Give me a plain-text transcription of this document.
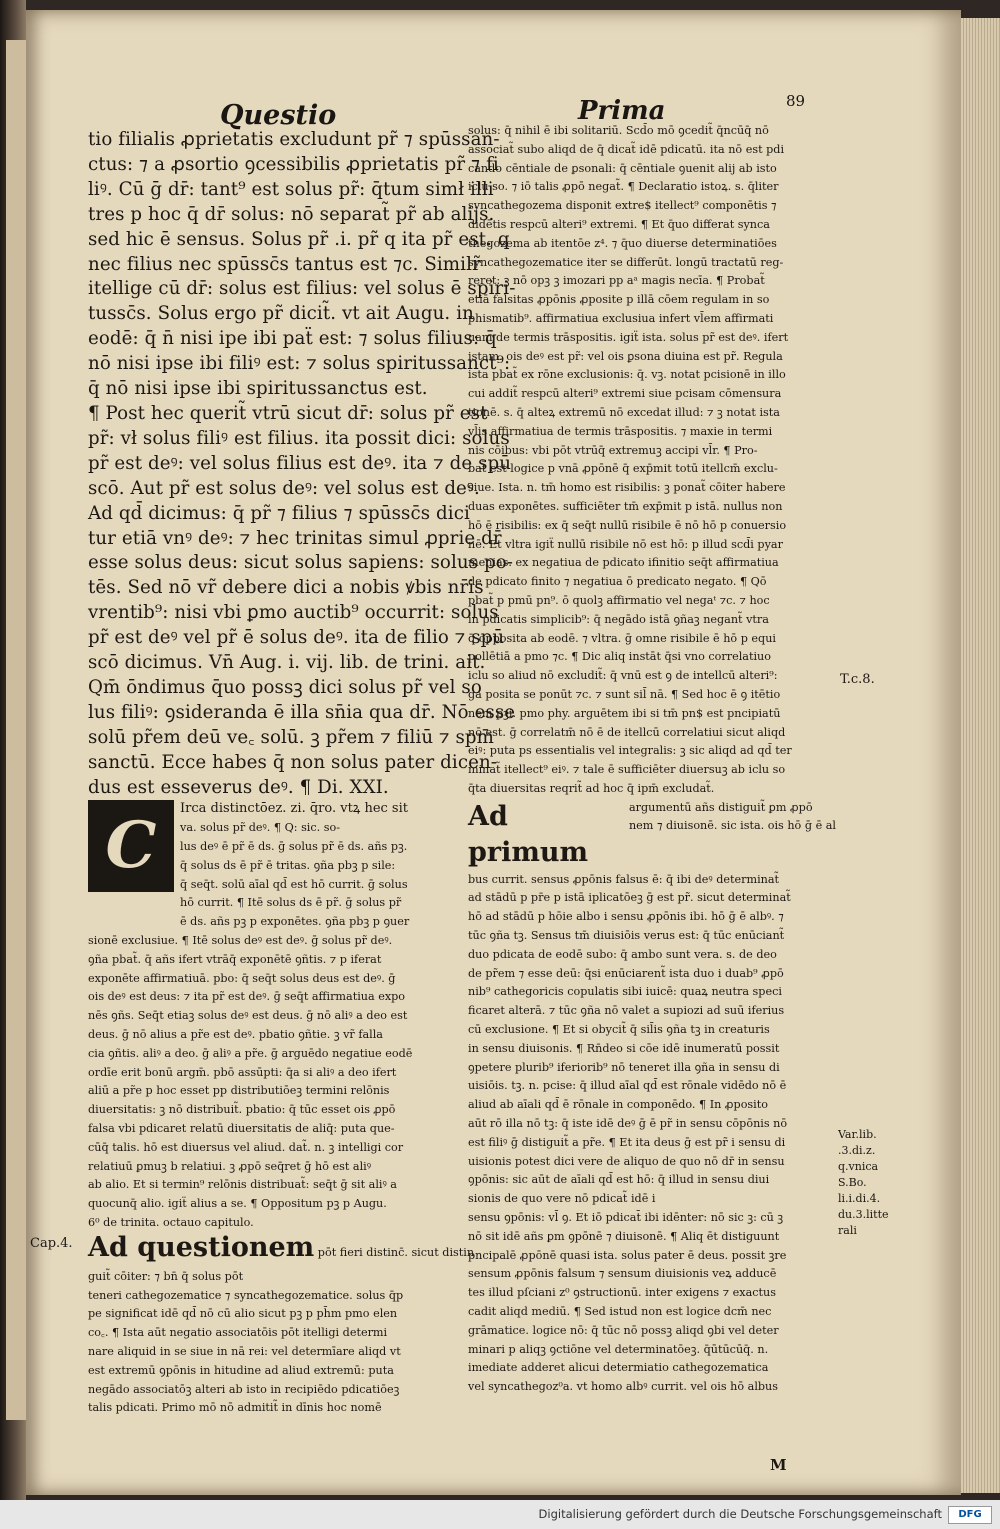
Questio	Prima	89

tio filialis ꝓprietatis excludunt pr̃ ⁊ spūssan-

ctus: ⁊ a ꝓsortio ꝯcessibilis ꝓprietatis pr̃ ⁊ fi

liꝰ. Cū ḡ dr̄: tant⁹ est solus pr̃: q̄tum simł illi

tres p hoc q̄ dr̄ solus: nō separat̃ pr̃ ab alijs.

sed hic ē sensus. Solus pr̃ .i. pr̃ q ita pr̃ est. q

nec filius nec spūssc̄s tantus est ⁊c. Similr̃

itellige cū dr̄: solus est filius: vel solus ē spiri-

tussc̄s. Solus ergo pr̃ dicit̃. vt ait Augu. in

eodē: q̄ n̄ nisi ipe ibi paẗ est: ⁊ solus filius: q̄

nō nisi ipse ibi filiꝰ est: ⁊ solus spiritussanct⁹:

q̄ nō nisi ipse ibi spiritussanctus est.

¶ Post hec querit̃ vtrū sicut dr̄: solus pr̃ est

pr̃: vł solus filiꝰ est filius. ita possit dici: solus

pr̃ est deꝰ: vel solus filius est deꝰ. ita ⁊ de spū

scō. Aut pr̃ est solus deꝰ: vel solus est deꝰ.

Ad qd̄ dicimus: q̄ pr̃ ⁊ filius ⁊ spūssc̄s dici

tur etiā vnꝰ deꝰ: ⁊ hec trinitas simul ꝓprie dr̄

esse solus deus: sicut solus sapiens: solus po-

tēs. Sed nō vr̃ debere dici a nobis ꝟbis nr̄is

vrentib⁹: nisi vbi ꝑmo auctib⁹ occurrit: solus

pr̃ est deꝰ vel pr̃ ē solus deꝰ. ita de filio ⁊ spū

scō dicimus. Vn̄ Aug. i. vij. lib. de trini. ait.

Qm̄ ōndimus q̄uo possꝫ dici solus pr̃ vel so

lus filiꝰ: ꝯsideranda ē illa sn̄ia qua dr̄. Nō esse

solū pr̃em deū ve꜀ solū. ꝫ pr̃em ⁊ filiū ⁊ spm̄

sanctū. Ecce habes q̄ non solus pater dicen-

dus est esseverus deꝰ. ¶ Di. XXI.

C	Irca distinctōez. zi. q̄ro. vtꝝ hec sit

va. solus pr̃ deꝰ. ¶ Q: sic. so-

lus deꝰ ē pr̃ ē ds. ḡ solus pr̃ ē ds. añs pꝫ.

q̄ solus ds ē pr̃ ē tritas. ꝯña pbꝫ p sile:

q̄ seq̄t. solū aīal qd̄ est hō currit. ḡ solus

hō currit. ¶ Itē solus ds ē pr̃. ḡ solus pr̃

ē ds. añs pꝫ p exponētes. ꝯña pbꝫ p ꝯuer

sionē exclusiue. ¶ Itē solus deꝰ est deꝰ. ḡ solus pr̃ deꝰ.

ꝯña pbat̃. q̄ añs ifert vtrāq̄ exponētē ꝯñtis. ⁊ p iferat

exponēte affirmatiuā. pbo: q̄ seq̄t solus deus est deꝰ. ḡ

ois deꝰ est deus: ⁊ ita pr̃ est deꝰ. ḡ seq̄t affirmatiua expo

nēs ꝯñs. Seq̄t etiaꝫ solus deꝰ est deus. ḡ nō aliꝰ a deo est

deus. ḡ nō alius a pr̃e est deꝰ. pbatio ꝯñtie. ꝫ vr̃ falla

cia ꝯñtis. aliꝰ a deo. ḡ aliꝰ a pr̃e. ḡ arguēdo negatiue eodē

ordīe erit bonū argm̄. pbō assūpti: q̄a si aliꝰ a deo ifert

aliū a pr̃e p hoc esset pp distributiōeꝫ termini relōnis

diuersitatis: ꝫ nō distribuit̃. pbatio: q̄ tūc esset ois ꝓpō

falsa vbi pdicaret relatū diuersitatis de aliq̄: puta que-

cūq̄ talis. hō est diuersus vel aliud. dat̃. n. ꝫ intelligi cor

relatiuū ꝑmuꝫ b relatiui. ꝫ ꝓpō seq̄ret ḡ hō est aliꝰ

ab alio. Et si termin⁹ relōnis distribuat̃: seq̄t ḡ sit aliꝰ a

quocunq̄ alio. igiẗ alius a se. ¶ Oppositum pꝫ p Augu.

6⁰ de trinita. octauo capitulo.

Ad questionem pōt fieri distinc̄. sicut distin

guit̃ cōiter: ⁊ bn̄ q̄ solus pōt

teneri cathegozematice ⁊ syncathegozematice. solus q̄p

pe significat idē qd̄ nō cū alio sicut pꝫ p ph̄m pmo elen

co꜀. ¶ Ista aūt negatio associatōis pōt itelligi determi

nare aliquid in se siue in nā rei: vel determīare aliqd vt

est extremū ꝯpōnis in hitudine ad aliud extremū: puta

negādo associatōꝫ alteri ab isto in recipiēdo pdicatiōeꝫ

talis pdicati. Primo mō nō admitit̃ in dīnis hoc nomē

solus: q̄ nihil ē ibi solitariū. Scd̄o mō ꝯcedit̃ q̄ncūq̄ nō

associat̃ subo aliqd de q̄ dicat̃ idē pdicatū. ita nō est pdi

cando cēntiale de ꝑsonali: q̄ cēntiale ꝯuenit alij ab isto

iclu so. ⁊ iō talis ꝓpō negat̃. ¶ Declaratio istoꝝ. s. q̄liter

syncathegozema disponit extre$ itellect⁹ componētis ⁊

didētis respcū alteri⁹ extremi. ¶ Et q̄uo differat synca

thegozema ab itentōe z⁴. ⁊ q̄uo diuerse determinatiōes

syncathegozematice iter se differūt. longū tractatū reg-

reret: ꝫ nō opꝫ ꝫ imozari pp aᵃ magis necīa. ¶ Probat̃

etiā falsitas ꝓpōnis ꝓposite p illā cōem regulam in so

phismatib⁹. affirmatiua exclusiua infert vl̄em affirmati

uam de termis trāspositis. igiẗ ista. solus pr̃ est deꝰ. ifert

istam. ois deꝰ est pr̃: vel ois ꝑsona diuina est pr̃. Regula

ista pbat̃ ex rōne exclusionis: q̄. vꝫ. notat pcisionē in illo

cui addit̃ respcū alteri⁹ extremi siue pcisam cōmensura

tionē. s. q̄ alteꝝ extremū nō excedat illud: ⁊ ꝫ notat ista

vl̄is affirmatiua de termis trāspositis. ⁊ maxie in termi

nis cōibus: vbi pōt vtrūq̄ extremuꝫ accipi vl̄r. ¶ Pro-

bat̃ est logice p vnā ꝓpōnē q̄ exp̄mit totū itellcm̄ exclu-

siue. Ista. n. tm̄ homo est risibilis: ꝫ ponat̃ cōiter habere

duas exponētes. sufficiēter tm̄ exp̄mit p istā. nullus non

hō ē risibilis: ex q̄ seq̄t nullū risibile ē nō hō p conuersio

nē. Et vltra igiẗ nullū risibile nō est hō: p illud scd̄i pyar

menias. ex negatiua de pdicato ifinitio seq̄t affirmatiua

de pdicato finito ⁊ negatiua ō predicato negato. ¶ Qō

pbat̃ p pmū pn⁹. ō quolꝫ affirmatio vel negaᵗ ⁊c. ⁊ hoc

in pdicatis simplicib⁹: q̄ negādo istā ꝯñaꝫ negant̃ vtra

q̄ opposita ab eodē. ⁊ vltra. ḡ omne risibile ē hō p equi

pollētiā a pmo ⁊c. ¶ Dic aliq instāt q̄si vno correlatiuo

iclu so aliud nō excludit̃: q̄ vnū est ꝯ de intellcū alteri⁹:

ga posita se ponūt ⁊c. ⁊ sunt sil̄ nā. ¶ Sed hoc ē ꝯ itētio

nem pꝫi. pmo phy. arguētem ibi si tm̄ pn$ est pncipiatū

nō est. ḡ correlatm̄ nō ē de itellcū correlatiui sicut aliqd

eiꝰ: puta ps essentialis vel integralis: ꝫ sic aliqd ad qd̄ ter

minat̃ itellect⁹ eiꝰ. ⁊ tale ē sufficiēter diuersuꝫ ab iclu so

q̄ta diuersitas reqrit̃ ad hoc q̄ ipm̄ excludat̃.

Ad primum

argumentū añs distiguit̃ ꝑm ꝓpō

nem ⁊ diuisonē. sic ista. ois hō ḡ ē al

bus currit. sensus ꝓpōnis falsus ē: q̄ ibi deꝰ determinat̃

ad stādū p pr̄e p istā iplicatōeꝫ ḡ est pr̃. sicut determinat̃

hō ad stādū p hōie albo i sensu ꝓpōnis ibi. hō ḡ ē albꝰ. ⁊

tūc ꝯña tꝫ. Sensus tm̄ diuisiōis verus est: q̄ tūc enūciant̃

duo pdicata de eodē subo: q̄ ambo sunt vera. s. de deo

de pr̃em ⁊ esse deū: q̄si enūciarent̃ ista duo i duab⁹ ꝓpō

nib⁹ cathegoricis copulatis sibi iuicē: quaꝝ neutra speci

ficaret alterā. ⁊ tūc ꝯña nō valet a supiozi ad suū iferius

cū exclusione. ¶ Et si obycit̃ q̄ sil̄is ꝯña tꝫ in creaturis

in sensu diuisonis. ¶ Rn̄deo si cōe idē inumeratū possit

ꝯpetere plurib⁹ iferiorib⁹ nō teneret illa ꝯña in sensu di

uisiōis. tꝫ. n. pcise: q̄ illud aīal qd̄ est rōnale vidēdo nō ē

aliud ab aīali qd̄ ē rōnale in componēdo. ¶ In ꝓposito

aūt rō illa nō tꝫ: q̄ iste idē deꝰ ḡ ē pr̃ in sensu cōpōnis nō

est filiꝰ ḡ distiguit̃ a pr̃e. ¶ Et ita deus ḡ est pr̃ i sensu di

uisionis potest dici vere de aliquo de quo nō dr̄ in sensu

ꝯpōnis: sic aūt de aīali qd̄ est hō: q̄ illud in sensu diui

sionis de quo vere nō pdicat̃ idē i

sensu ꝯpōnis: vl̄ ꝯ. Et iō pdicat̄ ibi idēnter: nō sic ꝫ: cū ꝫ

nō sit idē añs ꝑm ꝯpōnē ⁊ diuisonē. ¶ Aliq ēt distiguunt

pncipalē ꝓpōnē quasi ista. solus pater ē deus. possit ꝫre

sensum ꝓpōnis falsum ⁊ sensum diuisionis veꝝ adducē

tes illud pſciani z⁰ ꝯstructionū. inter exigens ⁊ exactus

cadit aliqd mediū. ¶ Sed istud non est logice dcm̄ nec

grāmatice. logice nō: q̄ tūc nō possꝫ aliqd ꝯbi vel deter

minari p aliqꝫ ꝯctiōne vel determinatōeꝫ. q̄ūtūcūq̄. n.

imediate adderet alicui determiatio cathegozematica

vel syncathegoz⁰a. vt homo albꝰ currit. vel ois hō albus

Cap.4.
T.c.8.
Var.lib.
.3.di.z.
q.vnica
S.Bo.
li.i.di.4.
du.3.litte
rali
M
Digitalisierung gefördert durch die Deutsche Forschungsgemeinschaft	DFG
